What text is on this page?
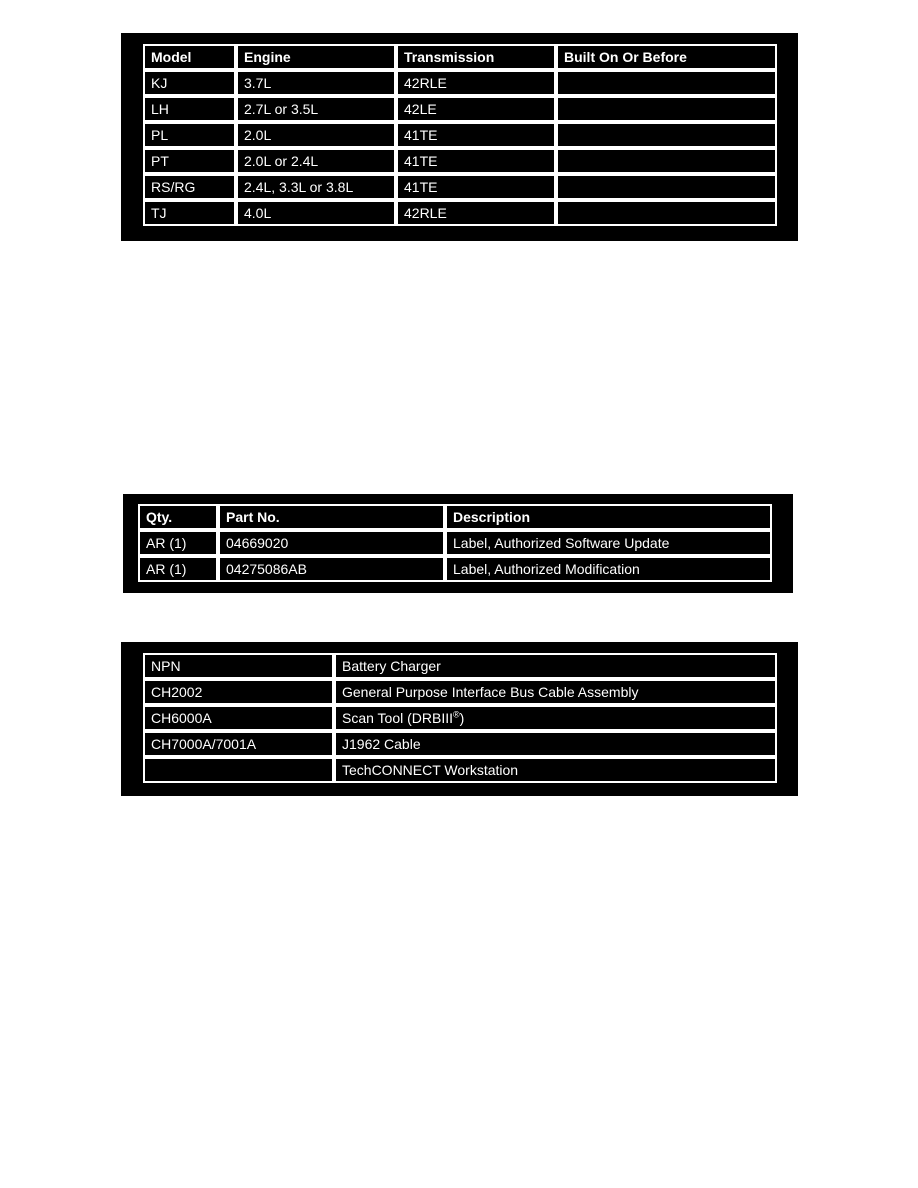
Model	Engine	Transmission	Built On Or Before
KJ	3.7L	42RLE	
LH	2.7L or 3.5L	42LE	
PL	2.0L	41TE	
PT	2.0L or 2.4L	41TE	
RS/RG	2.4L, 3.3L or 3.8L	41TE	
TJ	4.0L	42RLE	
Qty.	Part No.	Description
AR (1)	04669020	Label, Authorized Software Update
AR (1)	04275086AB	Label, Authorized Modification
NPN	Battery Charger
CH2002	General Purpose Interface Bus Cable Assembly
CH6000A	Scan Tool (DRBIII®)
CH7000A/7001A	J1962 Cable
	TechCONNECT Workstation
